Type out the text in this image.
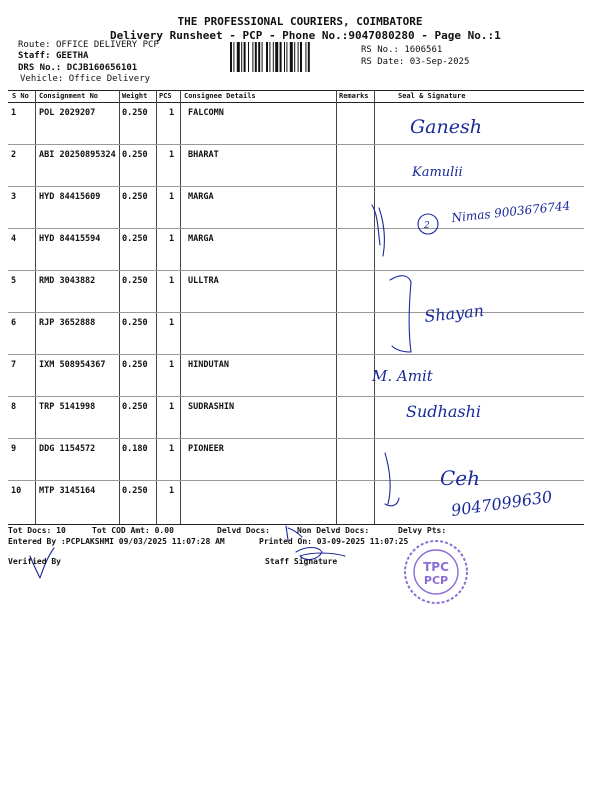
THE PROFESSIONAL COURIERS, COIMBATORE
Delivery Runsheet - PCP - Phone No.:9047080280 - Page No.:1
Route: OFFICE DELIVERY PCP
Staff: GEETHA
DRS No.: DCJB160656101
Vehicle: Office Delivery
RS No.: 1606561
RS Date: 03-Sep-2025
S No Consignment No	Weight PCS Consignee Details	Remarks	Seal & Signature
1	POL 2029207	0.250	1 FALCOMN
2	ABI 20250895324 0.250	1 BHARAT
3	HYD 84415609	0.250	1 MARGA
4	HYD 84415594	0.250	1 MARGA
5	RMD 3043882	0.250	1 ULLTRA
6	RJP 3652888	0.250	1
7	IXM 508954367 0.250	1 HINDUTAN
8	TRP 5141998	0.250	1 SUDRASHIN
9	DDG 1154572	0.180	1 PIONEER
10 MTP 3145164	0.250	1
Ganesh
Kamulii
2
Nimas 9003676744
Shayan
M. Amit
Sudhashi
Ceh
9047099630
Tot Docs: 10	Tot COD Amt: 0.00	Delvd Docs:	Non Delvd Docs:	Delvy Pts:
Entered By :PCPLAKSHMI 09/03/2025 11:07:28 AM	Printed On: 03-09-2025 11:07:25
Verified By	Staff Signature	TPC
PCP
